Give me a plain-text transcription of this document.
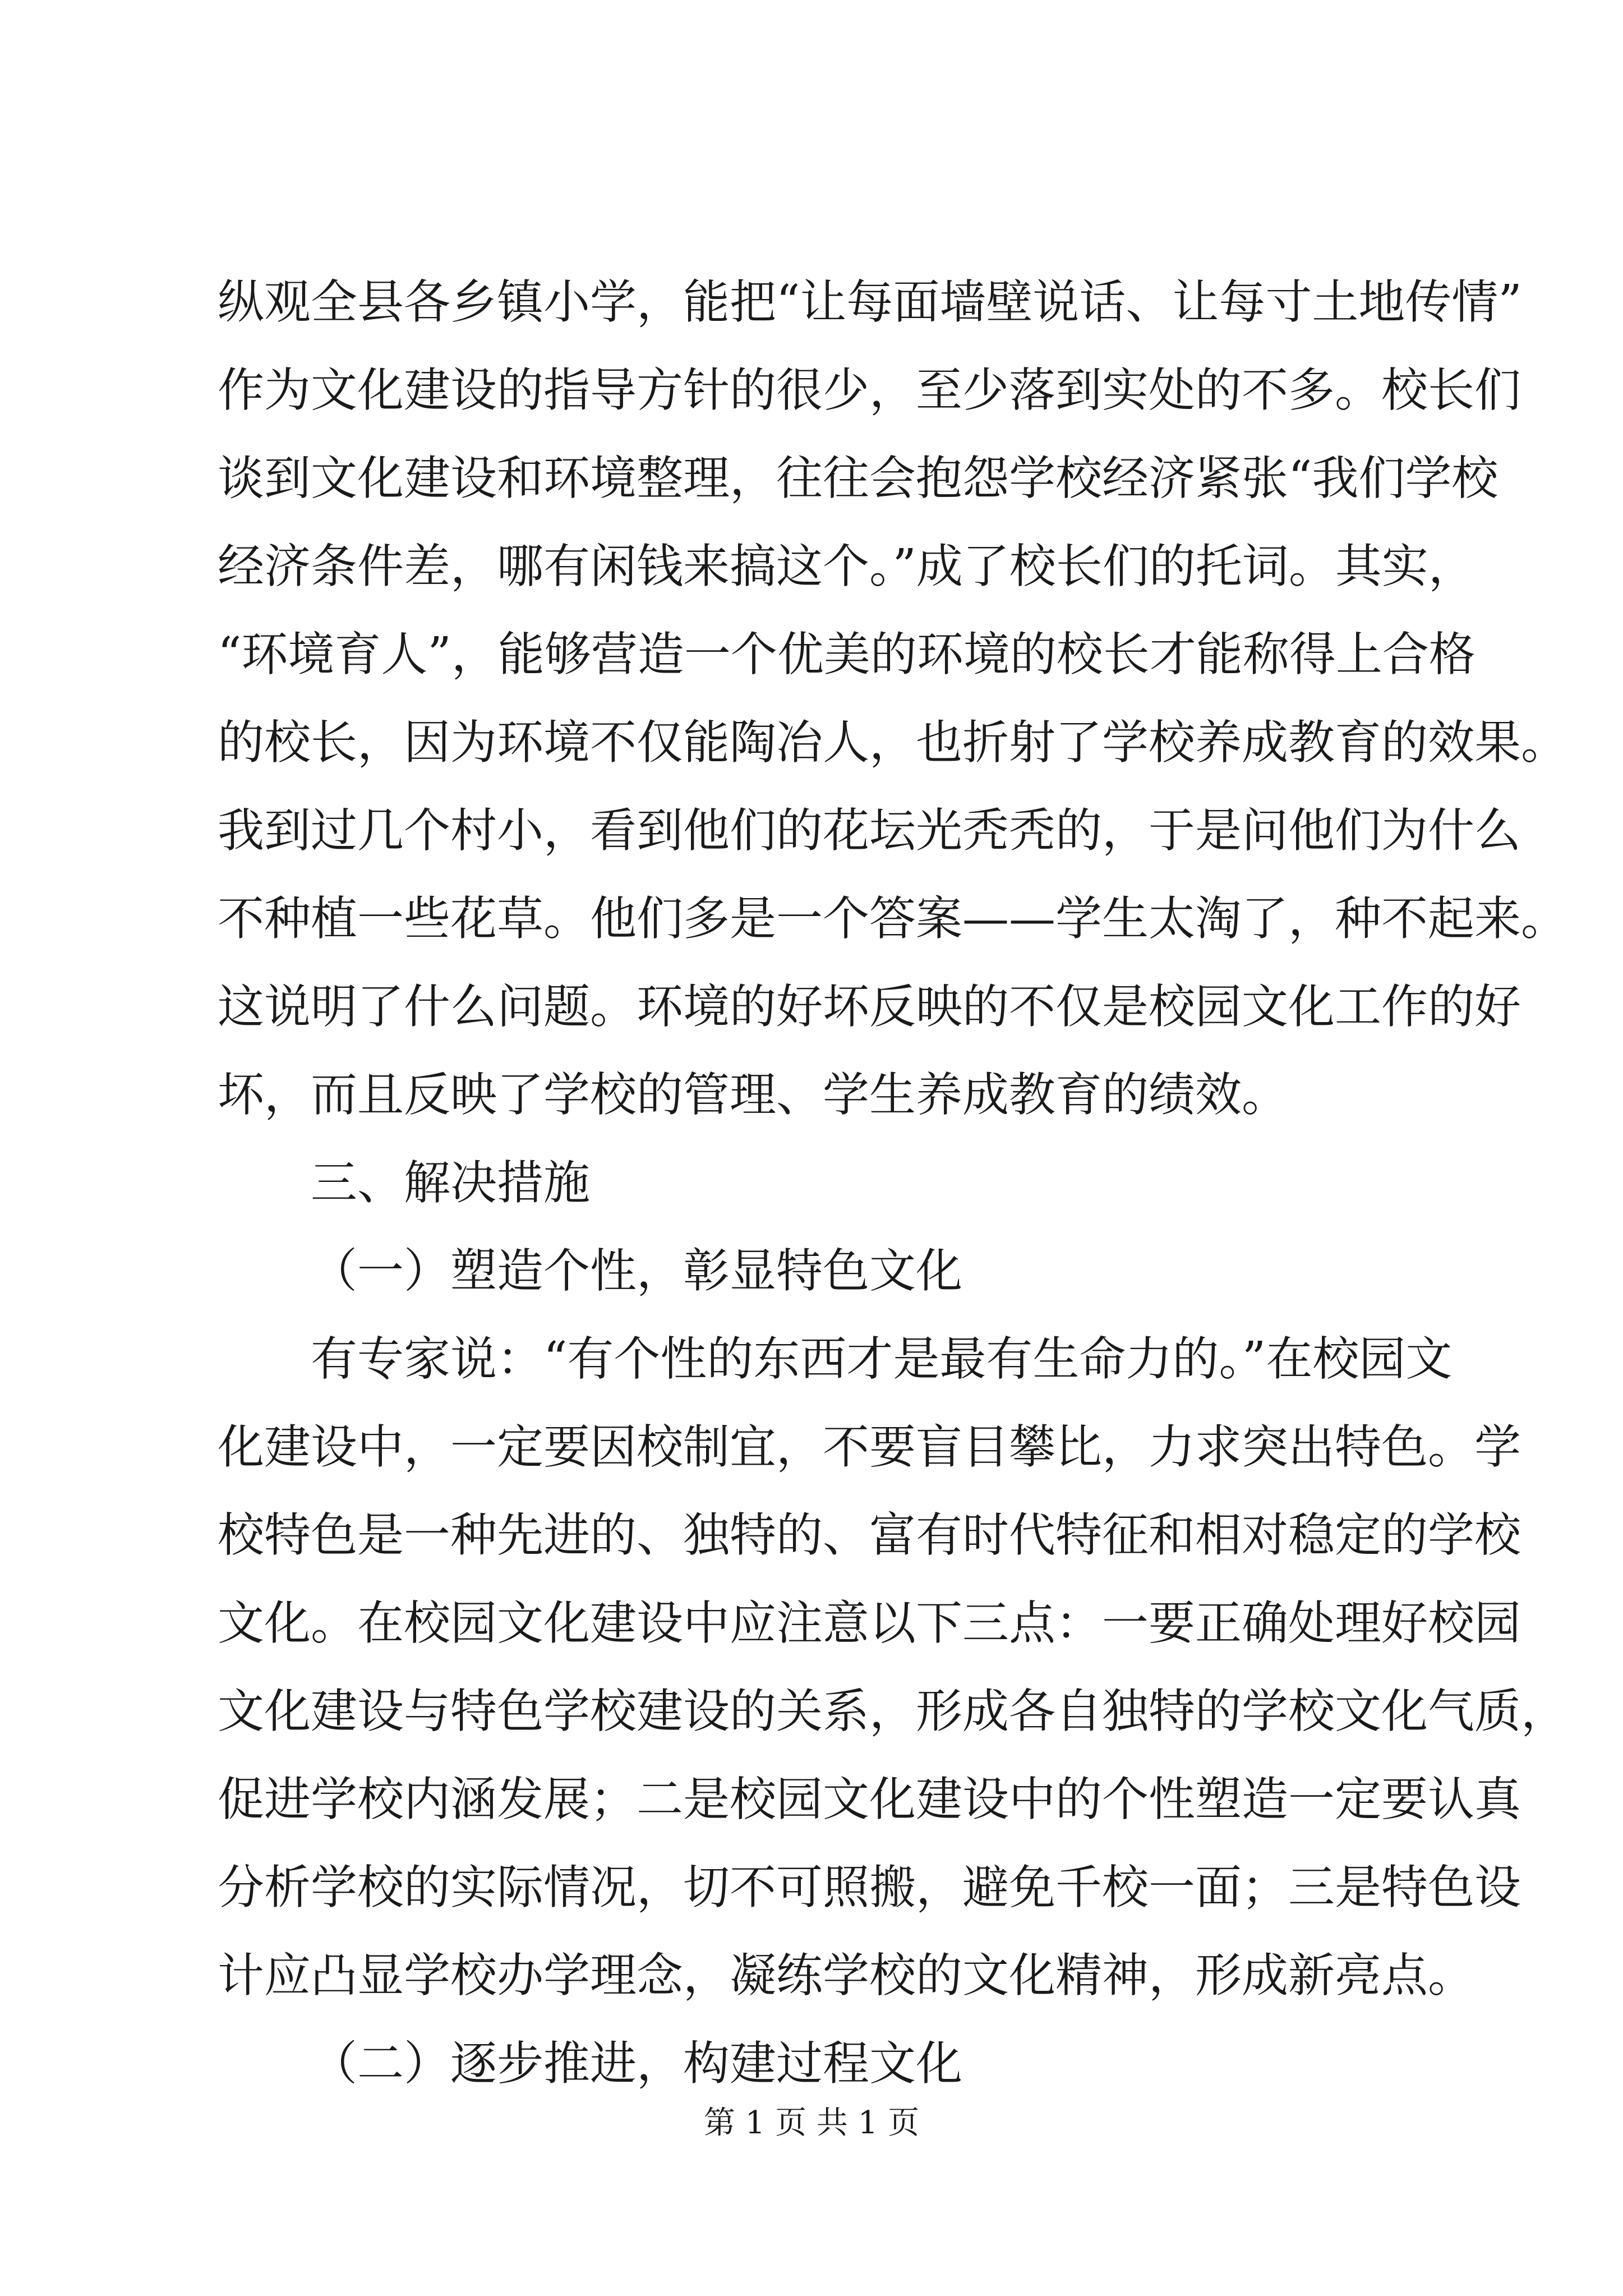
纵观全县各乡镇小学，能把“让每面墙壁说话、让每寸土地传情”
作为文化建设的指导方针的很少，至少落到实处的不多。校长们
谈到文化建设和环境整理，往往会抱怨学校经济紧张“我们学校
经济条件差，哪有闲钱来搞这个。”成了校长们的托词。其实，
“环境育人”，能够营造一个优美的环境的校长才能称得上合格
的校长，因为环境不仅能陶冶人，也折射了学校养成教育的效果。
我到过几个村小，看到他们的花坛光秃秃的，于是问他们为什么
不种植一些花草。他们多是一个答案——学生太淘了，种不起来。
这说明了什么问题。环境的好坏反映的不仅是校园文化工作的好
坏，而且反映了学校的管理、学生养成教育的绩效。
三、解决措施
（一）塑造个性，彰显特色文化
有专家说：“有个性的东西才是最有生命力的。”在校园文
化建设中，一定要因校制宜，不要盲目攀比，力求突出特色。学
校特色是一种先进的、独特的、富有时代特征和相对稳定的学校
文化。在校园文化建设中应注意以下三点：一要正确处理好校园
文化建设与特色学校建设的关系，形成各自独特的学校文化气质，
促进学校内涵发展；二是校园文化建设中的个性塑造一定要认真
分析学校的实际情况，切不可照搬，避免千校一面；三是特色设
计应凸显学校办学理念，凝练学校的文化精神，形成新亮点。
（二）逐步推进，构建过程文化
第 1 页 共 1 页
